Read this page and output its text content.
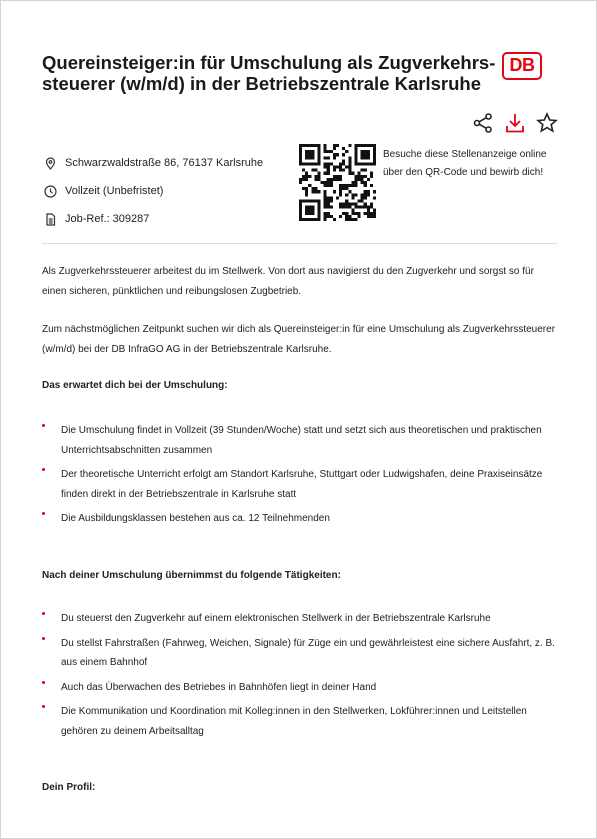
Quereinsteiger:in für Umschulung als Zugverkehrs-steuerer (w/m/d) in der Betriebszentrale Karlsruhe
DB
Schwarzwaldstraße 86, 76137 Karlsruhe
Vollzeit (Unbefristet)
Job-Ref.: 309287
Besuche diese Stellenanzeige online über den QR-Code und bewirb dich!

Als Zugverkehrssteuerer arbeitest du im Stellwerk. Von dort aus navigierst du den Zugverkehr und sorgst so für einen sicheren, pünktlichen und reibungslosen Zugbetrieb.

Zum nächstmöglichen Zeitpunkt suchen wir dich als Quereinsteiger:in für eine Umschulung als Zugverkehrssteuerer (w/m/d) bei der DB InfraGO AG in der Betriebszentrale Karlsruhe.

Das erwartet dich bei der Umschulung:
Die Umschulung findet in Vollzeit (39 Stunden/Woche) statt und setzt sich aus theoretischen und praktischen Unterrichtsabschnitten zusammen
Der theoretische Unterricht erfolgt am Standort Karlsruhe, Stuttgart oder Ludwigshafen, deine Praxiseinsätze finden direkt in der Betriebszentrale in Karlsruhe statt
Die Ausbildungsklassen bestehen aus ca. 12 Teilnehmenden
Nach deiner Umschulung übernimmst du folgende Tätigkeiten:
Du steuerst den Zugverkehr auf einem elektronischen Stellwerk in der Betriebszentrale Karlsruhe
Du stellst Fahrstraßen (Fahrweg, Weichen, Signale) für Züge ein und gewährleistest eine sichere Ausfahrt, z. B. aus einem Bahnhof
Auch das Überwachen des Betriebes in Bahnhöfen liegt in deiner Hand
Die Kommunikation und Koordination mit Kolleg:innen in den Stellwerken, Lokführer:innen und Leitstellen gehören zu deinem Arbeitsalltag
Dein Profil:
